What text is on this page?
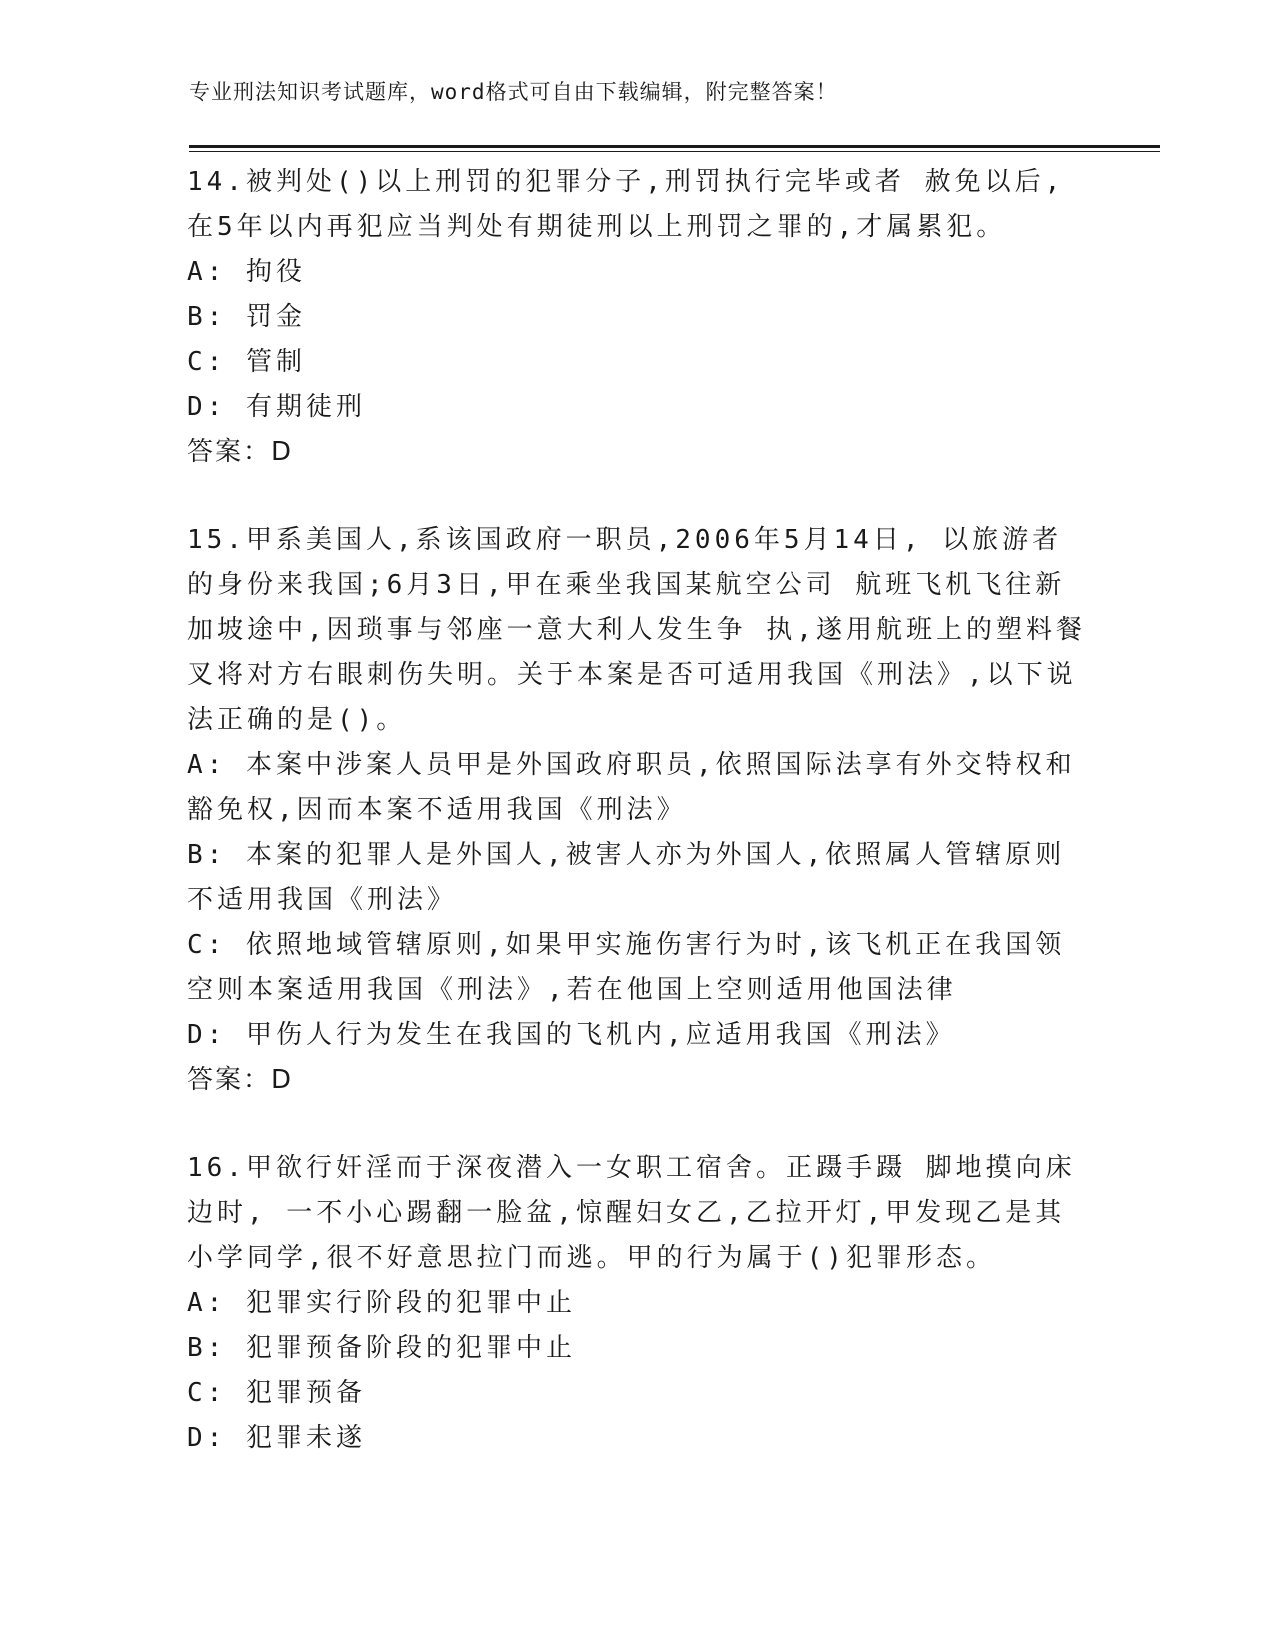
专业刑法知识考试题库，word格式可自由下载编辑，附完整答案！

14.被判处()以上刑罚的犯罪分子,刑罚执行完毕或者 赦免以后,在5年以内再犯应当判处有期徒刑以上刑罚之罪的,才属累犯。

A: 拘役

B: 罚金

C: 管制

D: 有期徒刑

答案：D

15.甲系美国人,系该国政府一职员,2006年5月14日, 以旅游者的身份来我国;6月3日,甲在乘坐我国某航空公司 航班飞机飞往新加坡途中,因琐事与邻座一意大利人发生争 执,遂用航班上的塑料餐叉将对方右眼刺伤失明。关于本案是否可适用我国《刑法》,以下说法正确的是()。

A: 本案中涉案人员甲是外国政府职员,依照国际法享有外交特权和豁免权,因而本案不适用我国《刑法》

B: 本案的犯罪人是外国人,被害人亦为外国人,依照属人管辖原则不适用我国《刑法》

C: 依照地域管辖原则,如果甲实施伤害行为时,该飞机正在我国领空则本案适用我国《刑法》,若在他国上空则适用他国法律

D: 甲伤人行为发生在我国的飞机内,应适用我国《刑法》

答案：D

16.甲欲行奸淫而于深夜潜入一女职工宿舍。正蹑手蹑 脚地摸向床边时, 一不小心踢翻一脸盆,惊醒妇女乙,乙拉开灯,甲发现乙是其小学同学,很不好意思拉门而逃。甲的行为属于()犯罪形态。

A: 犯罪实行阶段的犯罪中止

B: 犯罪预备阶段的犯罪中止

C: 犯罪预备

D: 犯罪未遂
